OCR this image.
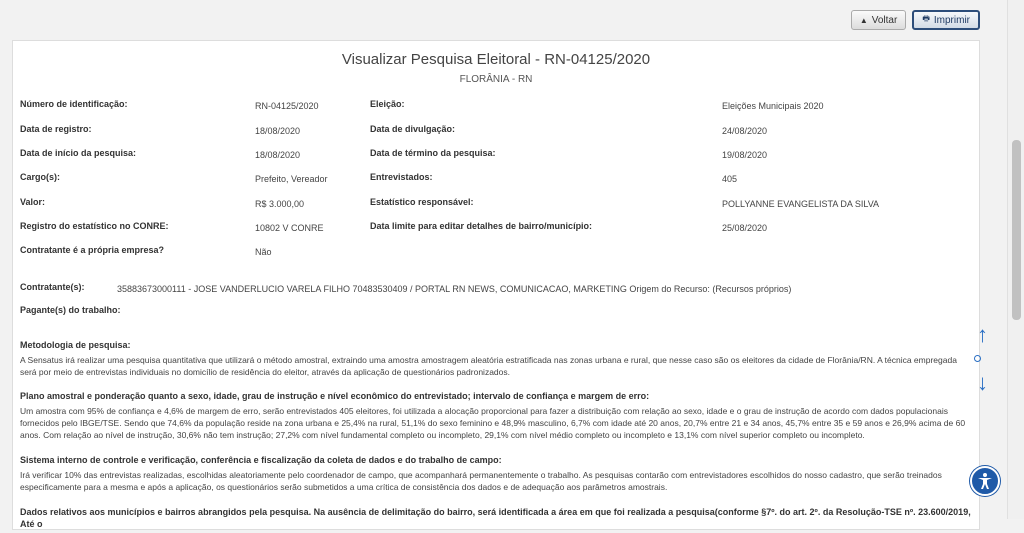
▲ Voltar	🖶 Imprimir
Visualizar Pesquisa Eleitoral - RN-04125/2020
FLORÂNIA - RN
Número de identificação:	RN-04125/2020	Eleição:	Eleições Municipais 2020
Data de registro:	18/08/2020	Data de divulgação:	24/08/2020
Data de início da pesquisa:	18/08/2020	Data de término da pesquisa:	19/08/2020
Cargo(s):	Prefeito, Vereador	Entrevistados:	405
Valor:	R$ 3.000,00	Estatístico responsável:	POLLYANNE EVANGELISTA DA SILVA
Registro do estatístico no CONRE:	10802 V CONRE	Data limite para editar detalhes de bairro/município:	25/08/2020
Contratante é a própria empresa?	Não
Contratante(s):	35883673000111 - JOSE VANDERLUCIO VARELA FILHO 70483530409 / PORTAL RN NEWS, COMUNICACAO, MARKETING Origem do Recurso: (Recursos próprios)
Pagante(s) do trabalho:
Metodologia de pesquisa:
A Sensatus irá realizar uma pesquisa quantitativa que utilizará o método amostral, extraindo uma amostra amostragem aleatória estratificada nas zonas urbana e rural, que nesse caso são os eleitores da cidade de Florânia/RN. A técnica empregada será por meio de entrevistas individuais no domicílio de residência do eleitor, através da aplicação de questionários padronizados.
Plano amostral e ponderação quanto a sexo, idade, grau de instrução e nível econômico do entrevistado; intervalo de confiança e margem de erro:
Um amostra com 95% de confiança e 4,6% de margem de erro, serão entrevistados 405 eleitores, foi utilizada a alocação proporcional para fazer a distribuição com relação ao sexo, idade e o grau de instrução de acordo com dados populacionais fornecidos pelo IBGE/TSE. Sendo que 74,6% da população reside na zona urbana e 25,4% na rural, 51,1% do sexo feminino e 48,9% masculino, 6,7% com idade até 20 anos, 20,7% entre 21 e 34 anos, 45,7% entre 35 e 59 anos e 26,9% acima de 60 anos. Com relação ao nível de instrução, 30,6% não tem instrução; 27,2% com nível fundamental completo ou incompleto, 29,1% com nível médio completo ou incompleto e 13,1% com nível superior completo ou incompleto.
Sistema interno de controle e verificação, conferência e fiscalização da coleta de dados e do trabalho de campo:
Irá verificar 10% das entrevistas realizadas, escolhidas aleatoriamente pelo coordenador de campo, que acompanhará permanentemente o trabalho. As pesquisas contarão com entrevistadores escolhidos do nosso cadastro, que serão treinados especificamente para a mesma e após a aplicação, os questionários serão submetidos a uma crítica de consistência dos dados e de adequação aos parâmetros amostrais.
Dados relativos aos municípios e bairros abrangidos pela pesquisa. Na ausência de delimitação do bairro, será identificada a área em que foi realizada a pesquisa(conforme §7º. do art. 2º. da Resolução-TSE nº. 23.600/2019, Até o
↑
↓
